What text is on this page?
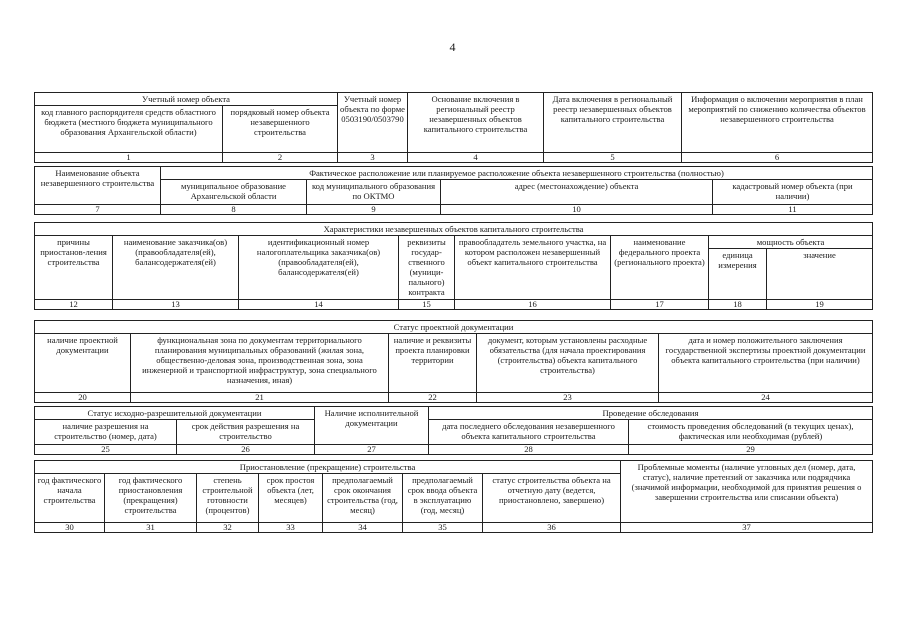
4
Учетный номер объекта		Учетный номер объекта по форме 0503190/0503790	Основание включения в региональный реестр незавершенных объектов капитального строительства	Дата включения в региональный реестр незавершенных объектов капитального строительства	Информация о включении мероприятия в план мероприятий по снижению количества объектов незавершенного строительства
код главного распорядителя средств областного бюджета (местного бюджета муниципального образования Архангельской области)	порядковый номер объекта незавершенного строительства				
1	2	3	4	5	6
Наименование объекта незавершенного строительства	Фактическое расположение или планируемое расположение объекта незавершенного строительства (полностью)			
	муниципальное образование Архангельской области	код муниципального образования по ОКТМО	адрес (местонахождение) объекта	кадастровый номер объекта (при наличии)
7	8	9	10	11
Характеристики незавершенных объектов капитального строительства							
причины приостанов-ления строительства	наименование заказчика(ов) (правообладателя(ей), балансодержателя(ей)	идентификационный номер налогоплательщика заказчика(ов) (правообладателя(ей), балансодержателя(ей)	реквизиты государ-ственного (муници-пального) контракта	правообладатель земельного участка, на котором расположен незавершенный объект капитального строительства	наименование федерального проекта (регионального проекта)	мощность объекта	
						единица измерения	значение
12	13	14	15	16	17	18	19
Статус проектной документации				
наличие проектной документации	функциональная зона по документам территориального планирования муниципальных образований (жилая зона, общественно-деловая зона, производственная зона, зона инженерной и транспортной инфраструктур, зона специального назначения, иная)	наличие и реквизиты проекта планировки территории	документ, которым установлены расходные обязательства (для начала проектирования (строительства) объекта капитального строительства)	дата и номер положительного заключения государственной экспертизы проектной документации объекта капитального строительства (при наличии)
20	21	22	23	24
Статус исходно-разрешительной документации		Наличие исполнительной документации	Проведение обследования	
наличие разрешения на строительство (номер, дата)	срок действия разрешения на строительство		дата последнего обследования незавершенного объекта капитального строительства	стоимость проведения обследований (в текущих ценах), фактическая или необходимая (рублей)
25	26	27	28	29
Приостановление (прекращение) строительства							Проблемные моменты (наличие угловных дел (номер, дата, статус), наличие претензий от заказчика или подрядчика (значимой информации, необходимой для принятия решения о завершении строительства или списании объекта)
год фактического начала строительства	год фактического приостановления (прекращения) строительства	степень строительной готовности (процентов)	срок простоя объекта (лет, месяцев)	предполагаемый срок окончания строительства (год, месяц)	предполагаемый срок ввода объекта в эксплуатацию (год, месяц)	статус строительства объекта на отчетную дату (ведется, приостановлено, завершено)	
30	31	32	33	34	35	36	37
